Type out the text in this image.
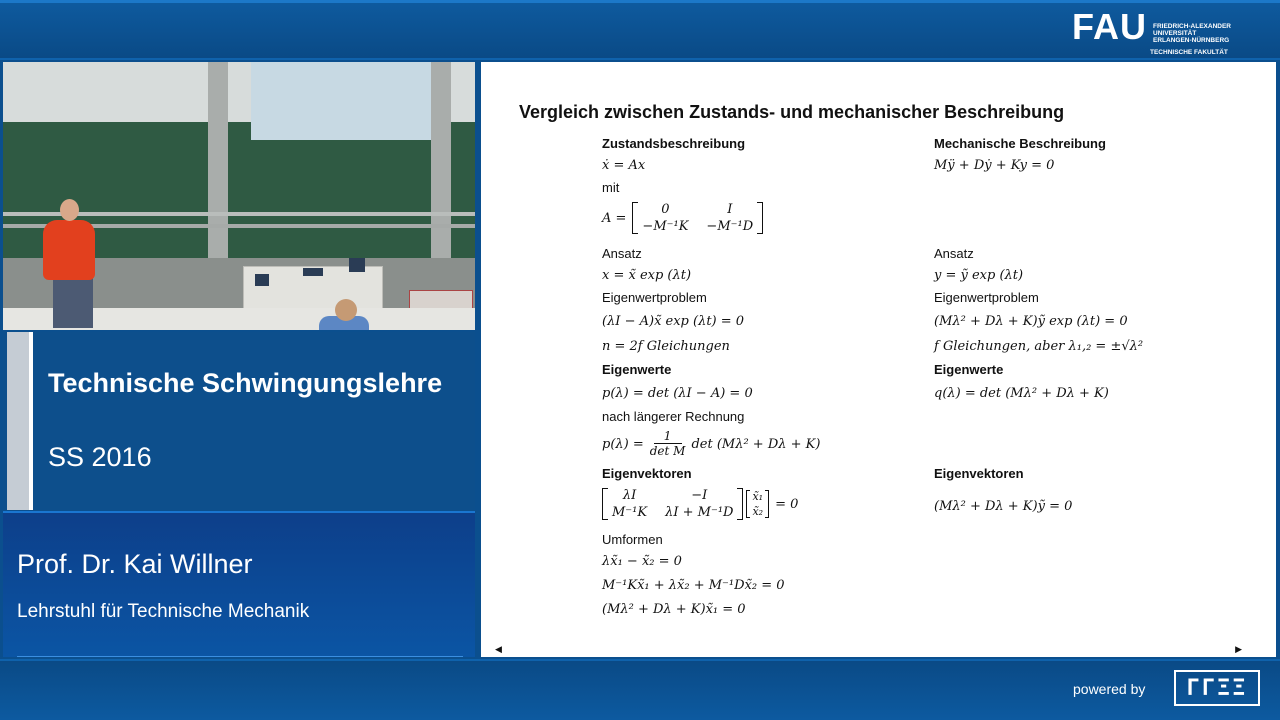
FAU FRIEDRICH-ALEXANDER
UNIVERSITÄT
ERLANGEN-NÜRNBERG
TECHNISCHE FAKULTÄT
Technische Schwingungslehre
SS 2016
Prof. Dr. Kai Willner
Lehrstuhl für Technische Mechanik
Vergleich zwischen Zustands- und mechanischer Beschreibung
Zustandsbeschreibung
ẋ = Ax
mit
A =
0	I
−M⁻¹K −M⁻¹D
Ansatz
x = x̃ exp (λt)
Eigenwertproblem
(λI − A)x̃ exp (λt) = 0
n = 2f Gleichungen
Eigenwerte
p(λ) = det (λI − A) = 0
nach längerer Rechnung
p(λ) =
1
det M det (Mλ² + Dλ + K)
Eigenvektoren
λI	−I
M⁻¹K λI + M⁻¹D
x̃₁
x̃₂ = 0
Umformen
λx̃₁ − x̃₂ = 0
M⁻¹Kx̃₁ + λx̃₂ + M⁻¹Dx̃₂ = 0
(Mλ² + Dλ + K)x̃₁ = 0
Mechanische Beschreibung
Mÿ + Dẏ + Ky = 0
Ansatz
y = ỹ exp (λt)
Eigenwertproblem
(Mλ² + Dλ + K)ỹ exp (λt) = 0
f Gleichungen, aber λ₁,₂ = ±√λ²
Eigenwerte
q(λ) = det (Mλ² + Dλ + K)
Eigenvektoren
(Mλ² + Dλ + K)ỹ = 0
◀	▶
powered by	ΓΓΞΞ
